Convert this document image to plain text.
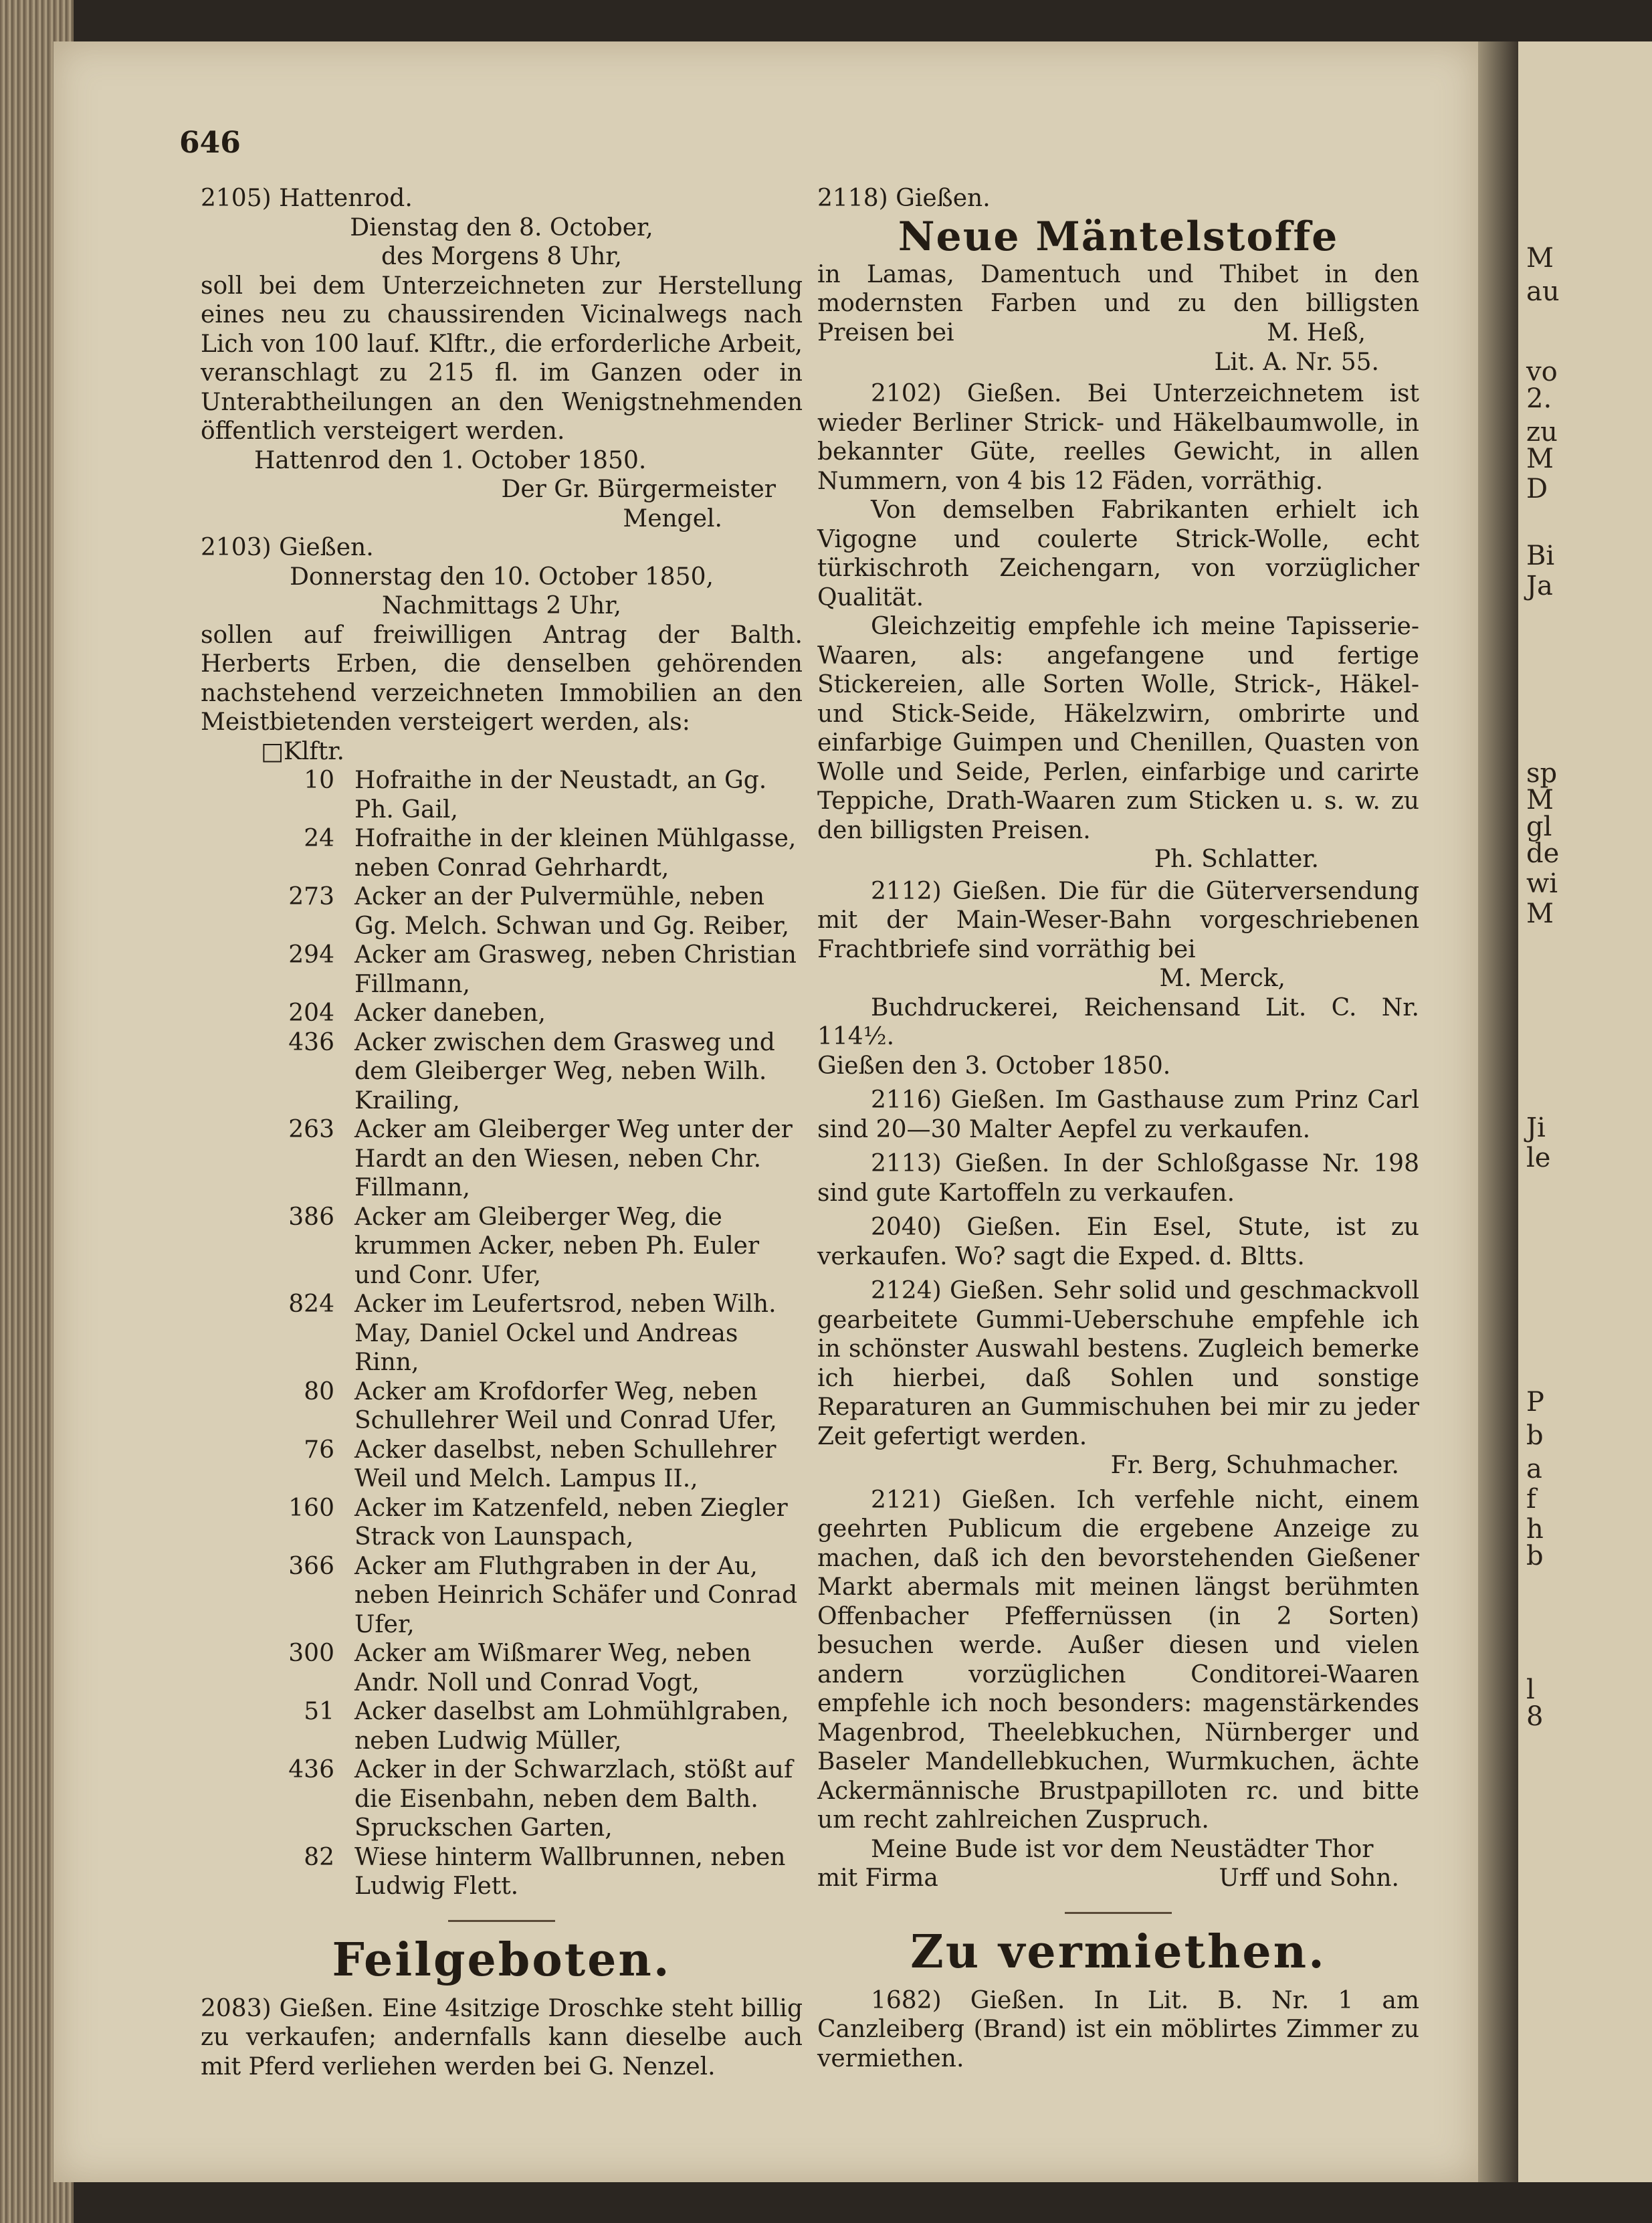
M
au
vo
2.
zu
M
D
Bi
Ja
sp
M
gl
de
wi
M
Ji
le
P
b
a
f
h
b
l
8
646

2105) Hattenrod.

Dienstag den 8. October,

des Morgens 8 Uhr,

soll bei dem Unterzeichneten zur Herstellung eines neu zu chaussirenden Vicinalwegs nach Lich von 100 lauf. Klftr., die erforderliche Arbeit, veranschlagt zu 215 fl. im Ganzen oder in Unterabtheilungen an den Wenigstnehmenden öffentlich versteigert werden.

Hattenrod den 1. October 1850.

Der Gr. Bürgermeister

Mengel.

2103) Gießen.

Donnerstag den 10. October 1850,

Nachmittags 2 Uhr,

sollen auf freiwilligen Antrag der Balth. Herberts Erben, die denselben gehörenden nachstehend verzeichneten Immobilien an den Meistbietenden versteigert werden, als:

□Klftr.

10 Hofraithe in der Neustadt, an Gg. Ph. Gail,
24 Hofraithe in der kleinen Mühlgasse, neben Conrad Gehrhardt,
273 Acker an der Pulvermühle, neben Gg. Melch. Schwan und Gg. Reiber,
294 Acker am Grasweg, neben Christian Fillmann,
204 Acker daneben,
436 Acker zwischen dem Grasweg und dem Gleiberger Weg, neben Wilh. Krailing,
263 Acker am Gleiberger Weg unter der Hardt an den Wiesen, neben Chr. Fillmann,
386 Acker am Gleiberger Weg, die krummen Acker, neben Ph. Euler und Conr. Ufer,
824 Acker im Leufertsrod, neben Wilh. May, Daniel Ockel und Andreas Rinn,
80 Acker am Krofdorfer Weg, neben Schullehrer Weil und Conrad Ufer,
76 Acker daselbst, neben Schullehrer Weil und Melch. Lampus II.,
160 Acker im Katzenfeld, neben Ziegler Strack von Launspach,
366 Acker am Fluthgraben in der Au, neben Heinrich Schäfer und Conrad Ufer,
300 Acker am Wißmarer Weg, neben Andr. Noll und Conrad Vogt,
51 Acker daselbst am Lohmühlgraben, neben Ludwig Müller,
436 Acker in der Schwarzlach, stößt auf die Eisenbahn, neben dem Balth. Spruckschen Garten,
82 Wiese hinterm Wallbrunnen, neben Ludwig Flett.
Feilgeboten.

2083) Gießen. Eine 4sitzige Droschke steht billig zu verkaufen; andernfalls kann dieselbe auch mit Pferd verliehen werden bei G. Nenzel.

2118) Gießen.

Neue Mäntelstoffe

in Lamas, Damentuch und Thibet in den modernsten Farben und zu den billigsten Preisen bei	M. Heß,

Lit. A. Nr. 55.

2102) Gießen. Bei Unterzeichnetem ist wieder Berliner Strick- und Häkelbaumwolle, in bekannter Güte, reelles Gewicht, in allen Nummern, von 4 bis 12 Fäden, vorräthig.

Von demselben Fabrikanten erhielt ich Vigogne und coulerte Strick-Wolle, echt türkischroth Zeichengarn, von vorzüglicher Qualität.

Gleichzeitig empfehle ich meine Tapisserie-Waaren, als: angefangene und fertige Stickereien, alle Sorten Wolle, Strick-, Häkel- und Stick-Seide, Häkelzwirn, ombrirte und einfarbige Guimpen und Chenillen, Quasten von Wolle und Seide, Perlen, einfarbige und carirte Teppiche, Drath-Waaren zum Sticken u. s. w. zu den billigsten Preisen.

Ph. Schlatter.

2112) Gießen. Die für die Güterversendung mit der Main-Weser-Bahn vorgeschriebenen Frachtbriefe sind vorräthig bei

M. Merck,

Buchdruckerei, Reichensand Lit. C. Nr. 114½.

Gießen den 3. October 1850.

2116) Gießen. Im Gasthause zum Prinz Carl sind 20—30 Malter Aepfel zu verkaufen.

2113) Gießen. In der Schloßgasse Nr. 198 sind gute Kartoffeln zu verkaufen.

2040) Gießen. Ein Esel, Stute, ist zu verkaufen. Wo? sagt die Exped. d. Bltts.

2124) Gießen. Sehr solid und geschmackvoll gearbeitete Gummi-Ueberschuhe empfehle ich in schönster Auswahl bestens. Zugleich bemerke ich hierbei, daß Sohlen und sonstige Reparaturen an Gummischuhen bei mir zu jeder Zeit gefertigt werden.

Fr. Berg, Schuhmacher.

2121) Gießen. Ich verfehle nicht, einem geehrten Publicum die ergebene Anzeige zu machen, daß ich den bevorstehenden Gießener Markt abermals mit meinen längst berühmten Offenbacher Pfeffernüssen (in 2 Sorten) besuchen werde. Außer diesen und vielen andern vorzüglichen Conditorei-Waaren empfehle ich noch besonders: magenstärkendes Magenbrod, Theelebkuchen, Nürnberger und Baseler Mandellebkuchen, Wurmkuchen, ächte Ackermännische Brustpapilloten rc. und bitte um recht zahlreichen Zuspruch.

Meine Bude ist vor dem Neustädter Thor

mit Firma	Urff und Sohn.
Zu vermiethen.

1682) Gießen. In Lit. B. Nr. 1 am Canzleiberg (Brand) ist ein möblirtes Zimmer zu vermiethen.
